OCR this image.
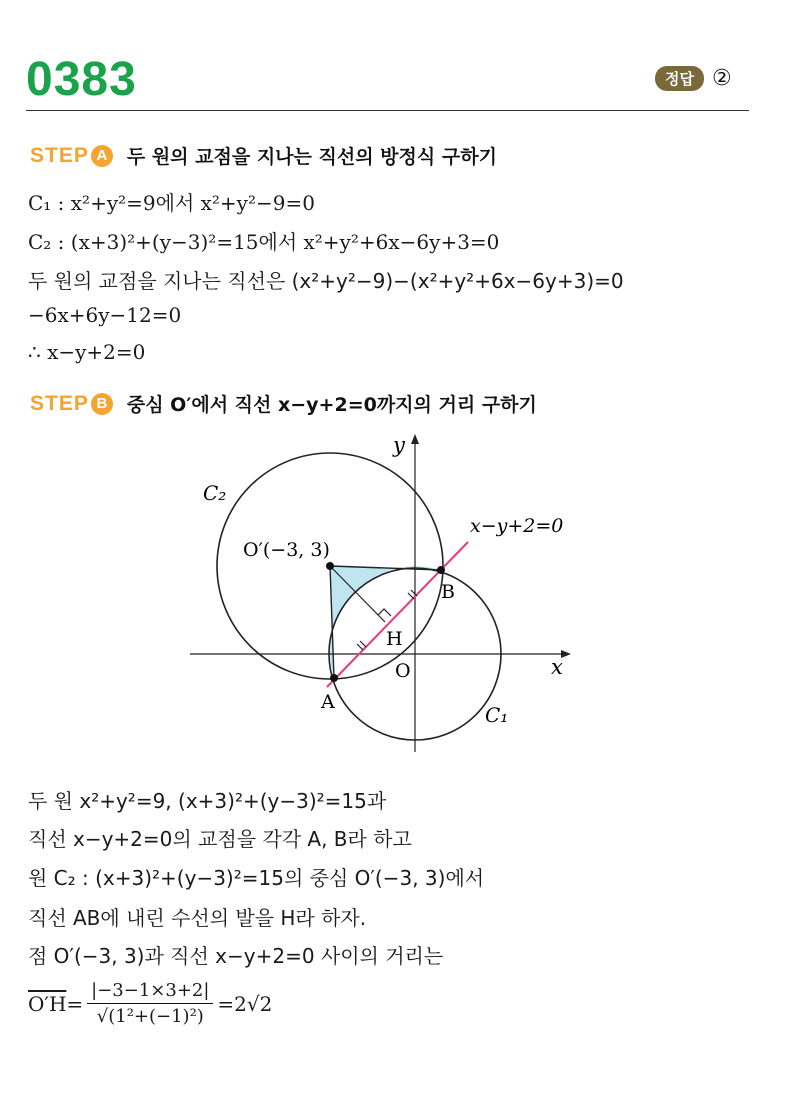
0383	정답 ②
STEP A 두 원의 교점을 지나는 직선의 방정식 구하기
C₁ : x²+y²=9에서 x²+y²−9=0
C₂ : (x+3)²+(y−3)²=15에서 x²+y²+6x−6y+3=0
두 원의 교점을 지나는 직선은 (x²+y²−9)−(x²+y²+6x−6y+3)=0
−6x+6y−12=0
∴ x−y+2=0
STEP B 중심 O′에서 직선 x−y+2=0까지의 거리 구하기
y
x
C₂
C₁
x−y+2=0
O′(−3, 3)
B
H
O
A
두 원 x²+y²=9, (x+3)²+(y−3)²=15과
직선 x−y+2=0의 교점을 각각 A, B라 하고
원 C₂ : (x+3)²+(y−3)²=15의 중심 O′(−3, 3)에서
직선 AB에 내린 수선의 발을 H라 하자.
점 O′(−3, 3)과 직선 x−y+2=0 사이의 거리는
$O'H = \frac{|-3-1\times 3+2|}{\text{√(1²+(−1)²)}} =2√2$
